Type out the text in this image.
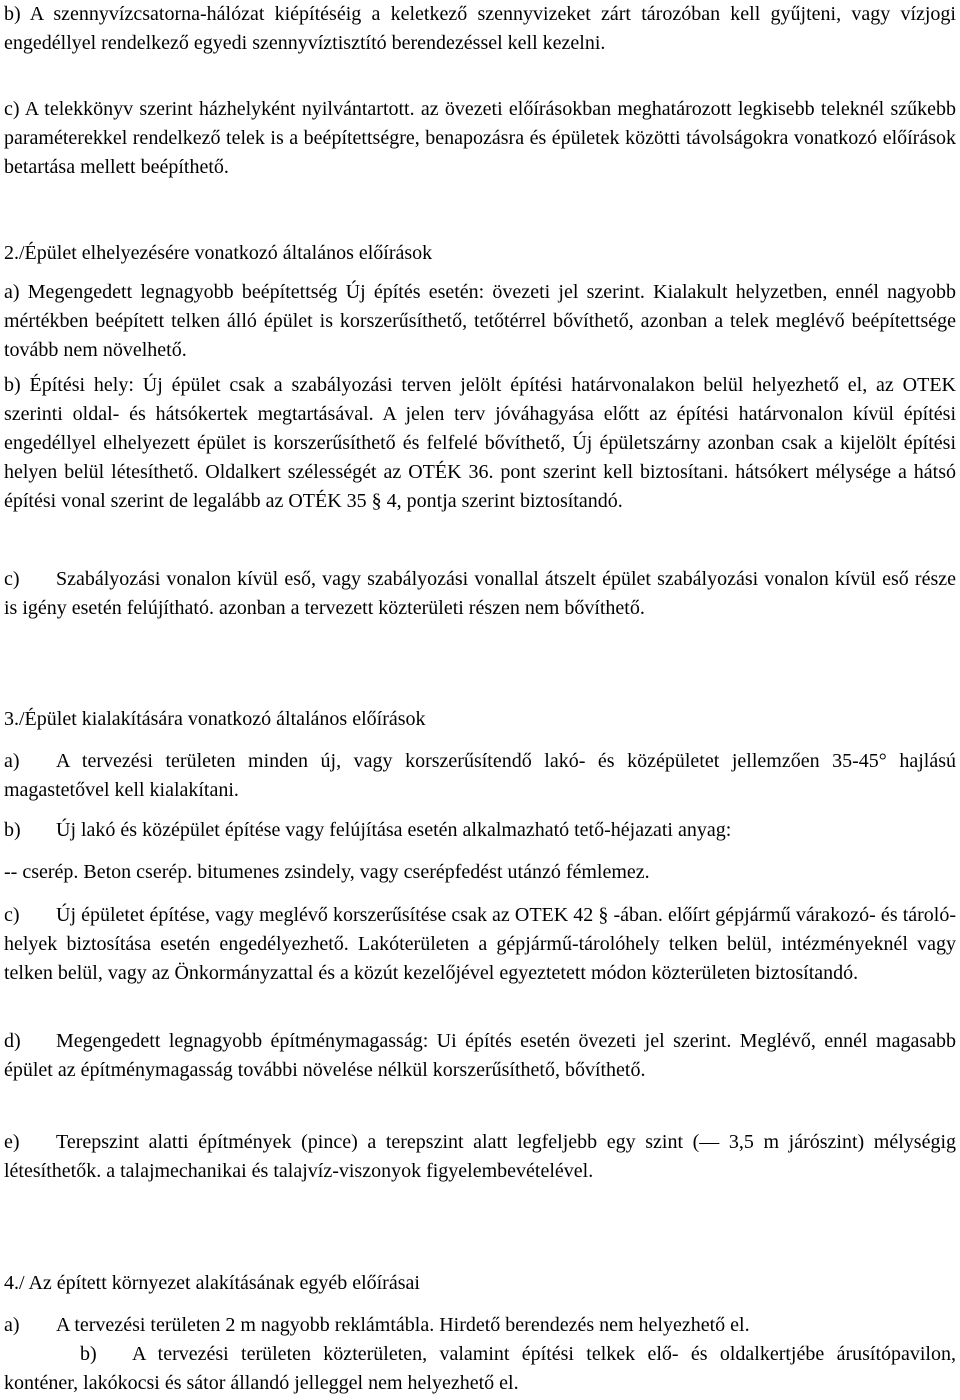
b) A szennyvízcsatorna-hálózat kiépítéséig a keletkező szennyvizeket zárt tározóban kell gyűjteni, vagy vízjogi engedéllyel rendelkező egyedi szennyvíztisztító berendezéssel kell kezelni.

c) A telekkönyv szerint házhelyként nyilvántartott. az övezeti előírásokban meghatározott legkisebb teleknél szűkebb paraméterekkel rendelkező telek is a beépítettségre, benapozásra és épületek közötti távolságokra vonatkozó előírások betartása mellett beépíthető.

2./Épület elhelyezésére vonatkozó általános előírások

a) Megengedett legnagyobb beépítettség Új építés esetén: övezeti jel szerint. Kialakult helyzetben, ennél nagyobb mértékben beépített telken álló épület is korszerűsíthető, tetőtérrel bővíthető, azonban a telek meglévő beépítettsége tovább nem növelhető.

b) Építési hely: Új épület csak a szabályozási terven jelölt építési határvonalakon belül helyezhető el, az OTEK szerinti oldal- és hátsókertek megtartásával. A jelen terv jóváhagyása előtt az építési határvonalon kívül építési engedéllyel elhelyezett épület is korszerűsíthető és felfelé bővíthető, Új épületszárny azonban csak a kijelölt építési helyen belül létesíthető. Oldalkert szélességét az OTÉK 36. pont szerint kell biztosítani. hátsókert mélysége a hátsó építési vonal szerint de legalább az OTÉK 35 § 4, pontja szerint biztosítandó.

c) Szabályozási vonalon kívül eső, vagy szabályozási vonallal átszelt épület szabályozási vonalon kívül eső része is igény esetén felújítható. azonban a tervezett közterületi részen nem bővíthető.

3./Épület kialakítására vonatkozó általános előírások

a) A tervezési területen minden új, vagy korszerűsítendő lakó- és középületet jellemzően 35-45° hajlású magastetővel kell kialakítani.

b) Új lakó és középület építése vagy felújítása esetén alkalmazható tető-héjazati anyag:

-- cserép. Beton cserép. bitumenes zsindely, vagy cserépfedést utánzó fémlemez.

c) Új épületet építése, vagy meglévő korszerűsítése csak az OTEK 42 § -ában. előírt gépjármű várakozó- és tároló-helyek biztosítása esetén engedélyezhető. Lakóterületen a gépjármű-tárolóhely telken belül, intézményeknél vagy telken belül, vagy az Önkormányzattal és a közút kezelőjével egyeztetett módon közterületen biztosítandó.

d) Megengedett legnagyobb építménymagasság: Ui építés esetén övezeti jel szerint. Meglévő, ennél magasabb épület az építménymagasság további növelése nélkül korszerűsíthető, bővíthető.

e) Terepszint alatti építmények (pince) a terepszint alatt legfeljebb egy szint (— 3,5 m járószint) mélységig létesíthetők. a talajmechanikai és talajvíz-viszonyok figyelembevételével.

4./ Az épített környezet alakításának egyéb előírásai

a) A tervezési területen 2 m nagyobb reklámtábla. Hirdető berendezés nem helyezhető el.

b) A tervezési területen közterületen, valamint építési telkek elő- és oldalkertjébe árusítópavilon, konténer, lakókocsi és sátor állandó jelleggel nem helyezhető el.
